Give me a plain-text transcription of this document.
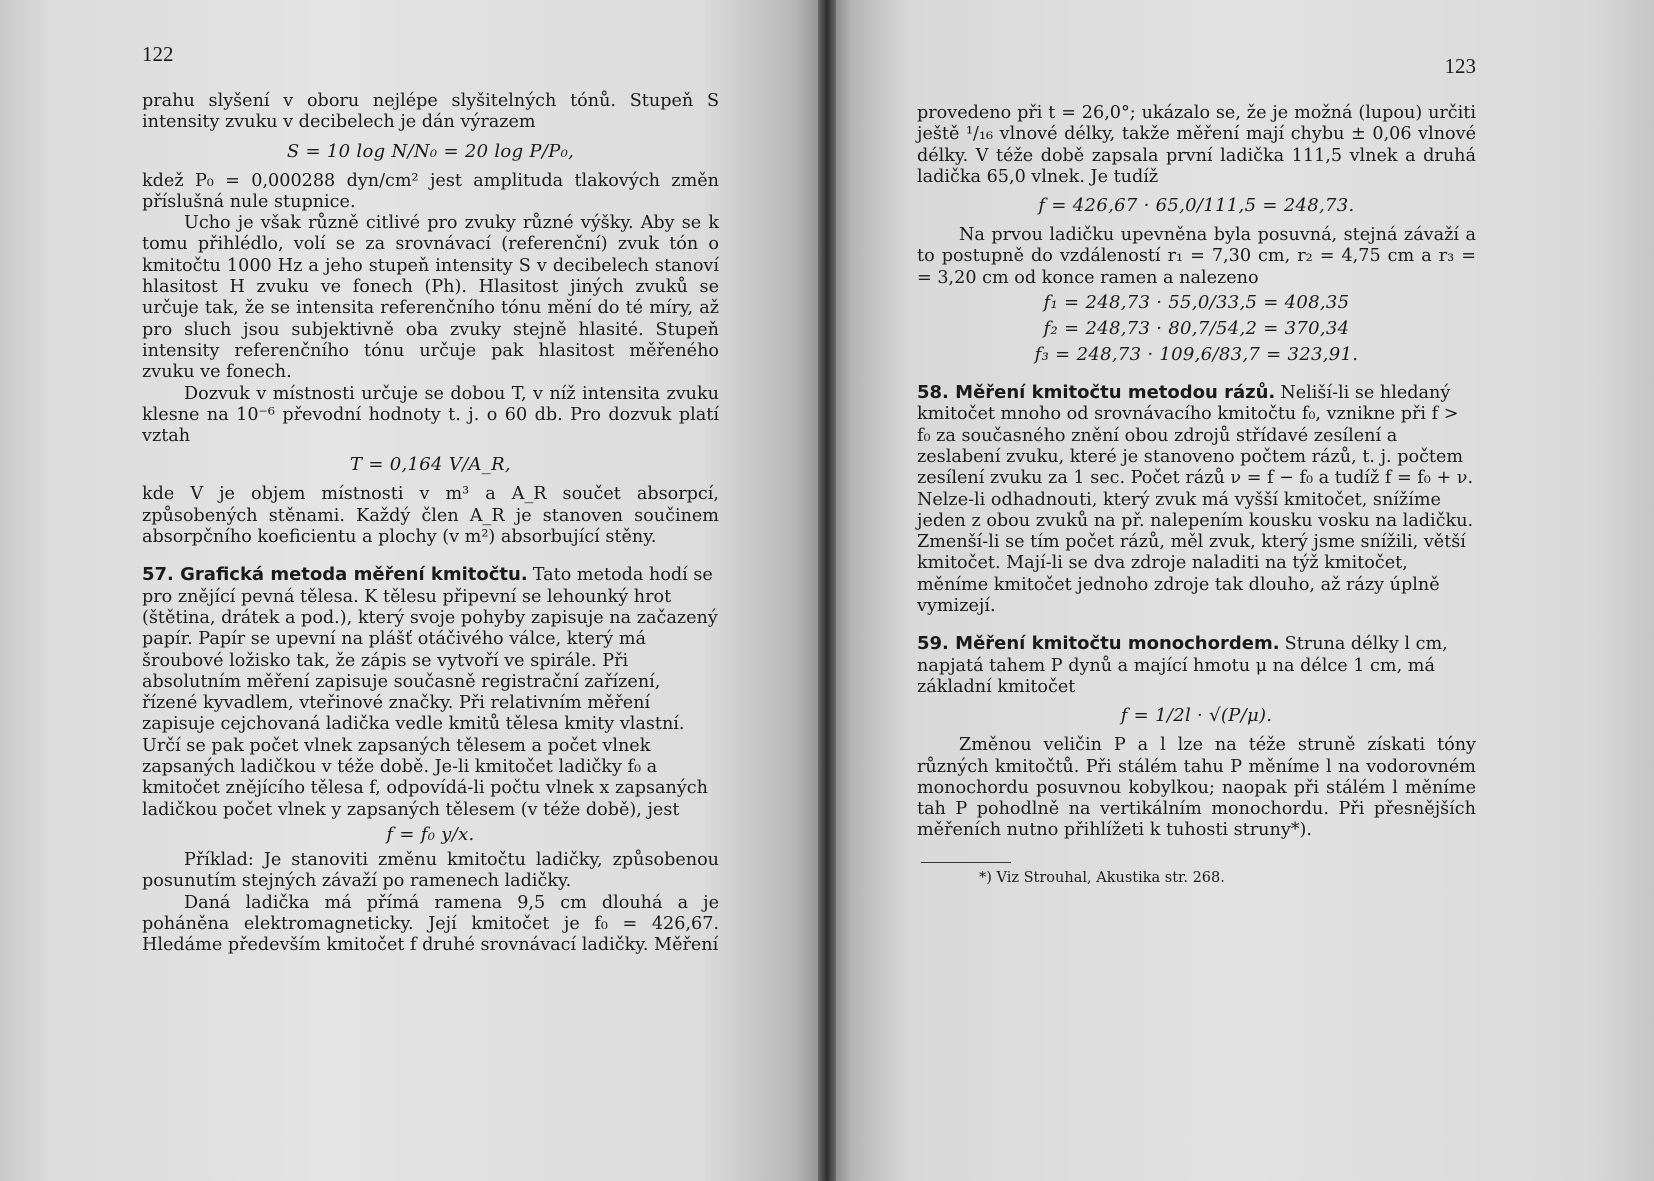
122

prahu slyšení v oboru nejlépe slyšitelných tónů. Stupeň S intensity zvuku v decibelech je dán výrazem

S = 10 log N/N₀ = 20 log P/P₀,

kdež P₀ = 0,000288 dyn/cm² jest amplituda tlakových změn příslušná nule stupnice.

Ucho je však různě citlivé pro zvuky různé výšky. Aby se k tomu přihlédlo, volí se za srovnávací (referenční) zvuk tón o kmitočtu 1000 Hz a jeho stupeň intensity S v decibelech stanoví hlasitost H zvuku ve fonech (Ph). Hlasitost jiných zvuků se určuje tak, že se intensita referenčního tónu mění do té míry, až pro sluch jsou subjektivně oba zvuky stejně hlasité. Stupeň intensity referenčního tónu určuje pak hlasitost měřeného zvuku ve fonech.

Dozvuk v místnosti určuje se dobou T, v níž intensita zvuku klesne na 10⁻⁶ převodní hodnoty t. j. o 60 db. Pro dozvuk platí vztah

T = 0,164 V/A_R,

kde V je objem místnosti v m³ a A_R součet absorpcí, způsobených stěnami. Každý člen A_R je stanoven součinem absorpčního koeficientu a plochy (v m²) absorbující stěny.

57. Grafická metoda měření kmitočtu. Tato metoda hodí se pro znějící pevná tělesa. K tělesu připevní se lehounký hrot (štětina, drátek a pod.), který svoje pohyby zapisuje na začazený papír. Papír se upevní na plášť otáčivého válce, který má šroubové ložisko tak, že zápis se vytvoří ve spirále. Při absolutním měření zapisuje současně registrační zařízení, řízené kyvadlem, vteřinové značky. Při relativním měření zapisuje cejchovaná ladička vedle kmitů tělesa kmity vlastní. Určí se pak počet vlnek zapsaných tělesem a počet vlnek zapsaných ladičkou v téže době. Je-li kmitočet ladičky f₀ a kmitočet znějícího tělesa f, odpovídá-li počtu vlnek x zapsaných ladičkou počet vlnek y zapsaných tělesem (v téže době), jest

f = f₀ y/x.

Příklad: Je stanoviti změnu kmitočtu ladičky, způsobenou posunutím stejných závaží po ramenech ladičky.

Daná ladička má přímá ramena 9,5 cm dlouhá a je poháněna elektromagneticky. Její kmitočet je f₀ = 426,67. Hledáme především kmitočet f druhé srovnávací ladičky. Měření

123

provedeno při t = 26,0°; ukázalo se, že je možná (lupou) určiti ještě ¹/₁₆ vlnové délky, takže měření mají chybu ± 0,06 vlnové délky. V téže době zapsala první ladička 111,5 vlnek a druhá ladička 65,0 vlnek. Je tudíž

f = 426,67 · 65,0/111,5 = 248,73.

Na prvou ladičku upevněna byla posuvná, stejná závaží a to postupně do vzdáleností r₁ = 7,30 cm, r₂ = 4,75 cm a r₃ = = 3,20 cm od konce ramen a nalezeno

f₁ = 248,73 · 55,0/33,5 = 408,35
f₂ = 248,73 · 80,7/54,2 = 370,34
f₃ = 248,73 · 109,6/83,7 = 323,91.
58. Měření kmitočtu metodou rázů. Neliší-li se hledaný kmitočet mnoho od srovnávacího kmitočtu f₀, vznikne při f > f₀ za současného znění obou zdrojů střídavé zesílení a zeslabení zvuku, které je stanoveno počtem rázů, t. j. počtem zesílení zvuku za 1 sec. Počet rázů ν = f − f₀ a tudíž f = f₀ + ν. Nelze-li odhadnouti, který zvuk má vyšší kmitočet, snížíme jeden z obou zvuků na př. nalepením kousku vosku na ladičku. Zmenší-li se tím počet rázů, měl zvuk, který jsme snížili, větší kmitočet. Mají-li se dva zdroje naladiti na týž kmitočet, měníme kmitočet jednoho zdroje tak dlouho, až rázy úplně vymizejí.

59. Měření kmitočtu monochordem. Struna délky l cm, napjatá tahem P dynů a mající hmotu μ na délce 1 cm, má základní kmitočet

f = 1/2l · √(P/μ).

Změnou veličin P a l lze na téže struně získati tóny různých kmitočtů. Při stálém tahu P měníme l na vodorovném monochordu posuvnou kobylkou; naopak při stálém l měníme tah P pohodlně na vertikálním monochordu. Při přesnějších měřeních nutno přihlížeti k tuhosti struny*).

*) Viz Strouhal, Akustika str. 268.
